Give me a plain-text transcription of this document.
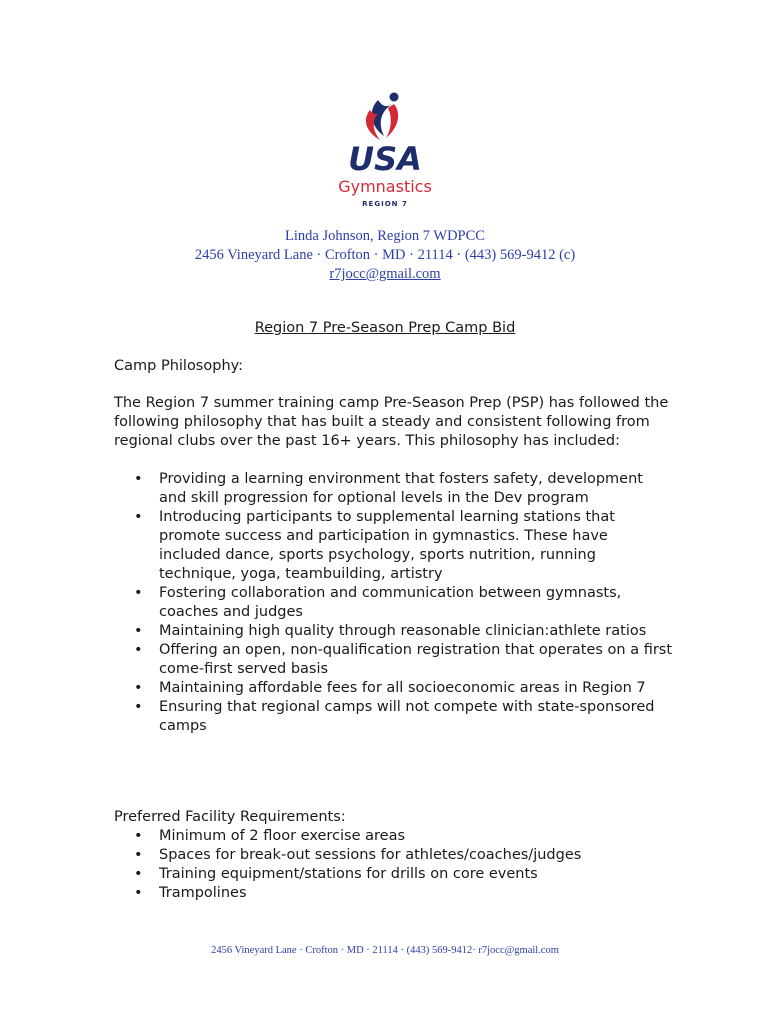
USA
Gymnastics
REGION 7
Linda Johnson, Region 7 WDPCC
2456 Vineyard Lane · Crofton · MD · 21114 · (443) 569-9412 (c)
r7jocc@gmail.com
Region 7 Pre-Season Prep Camp Bid
Camp Philosophy:
The Region 7 summer training camp Pre-Season Prep (PSP) has followed the following philosophy that has built a steady and consistent following from regional clubs over the past 16+ years. This philosophy has included:
• Providing a learning environment that fosters safety, development and skill progression for optional levels in the Dev program
• Introducing participants to supplemental learning stations that promote success and participation in gymnastics. These have included dance, sports psychology, sports nutrition, running technique, yoga, teambuilding, artistry
• Fostering collaboration and communication between gymnasts, coaches and judges
• Maintaining high quality through reasonable clinician:athlete ratios
• Offering an open, non-qualification registration that operates on a first come-first served basis
• Maintaining affordable fees for all socioeconomic areas in Region 7
• Ensuring that regional camps will not compete with state-sponsored camps
Preferred Facility Requirements:
• Minimum of 2 floor exercise areas
• Spaces for break-out sessions for athletes/coaches/judges
• Training equipment/stations for drills on core events
• Trampolines
2456 Vineyard Lane · Crofton · MD · 21114 · (443) 569-9412· r7jocc@gmail.com
